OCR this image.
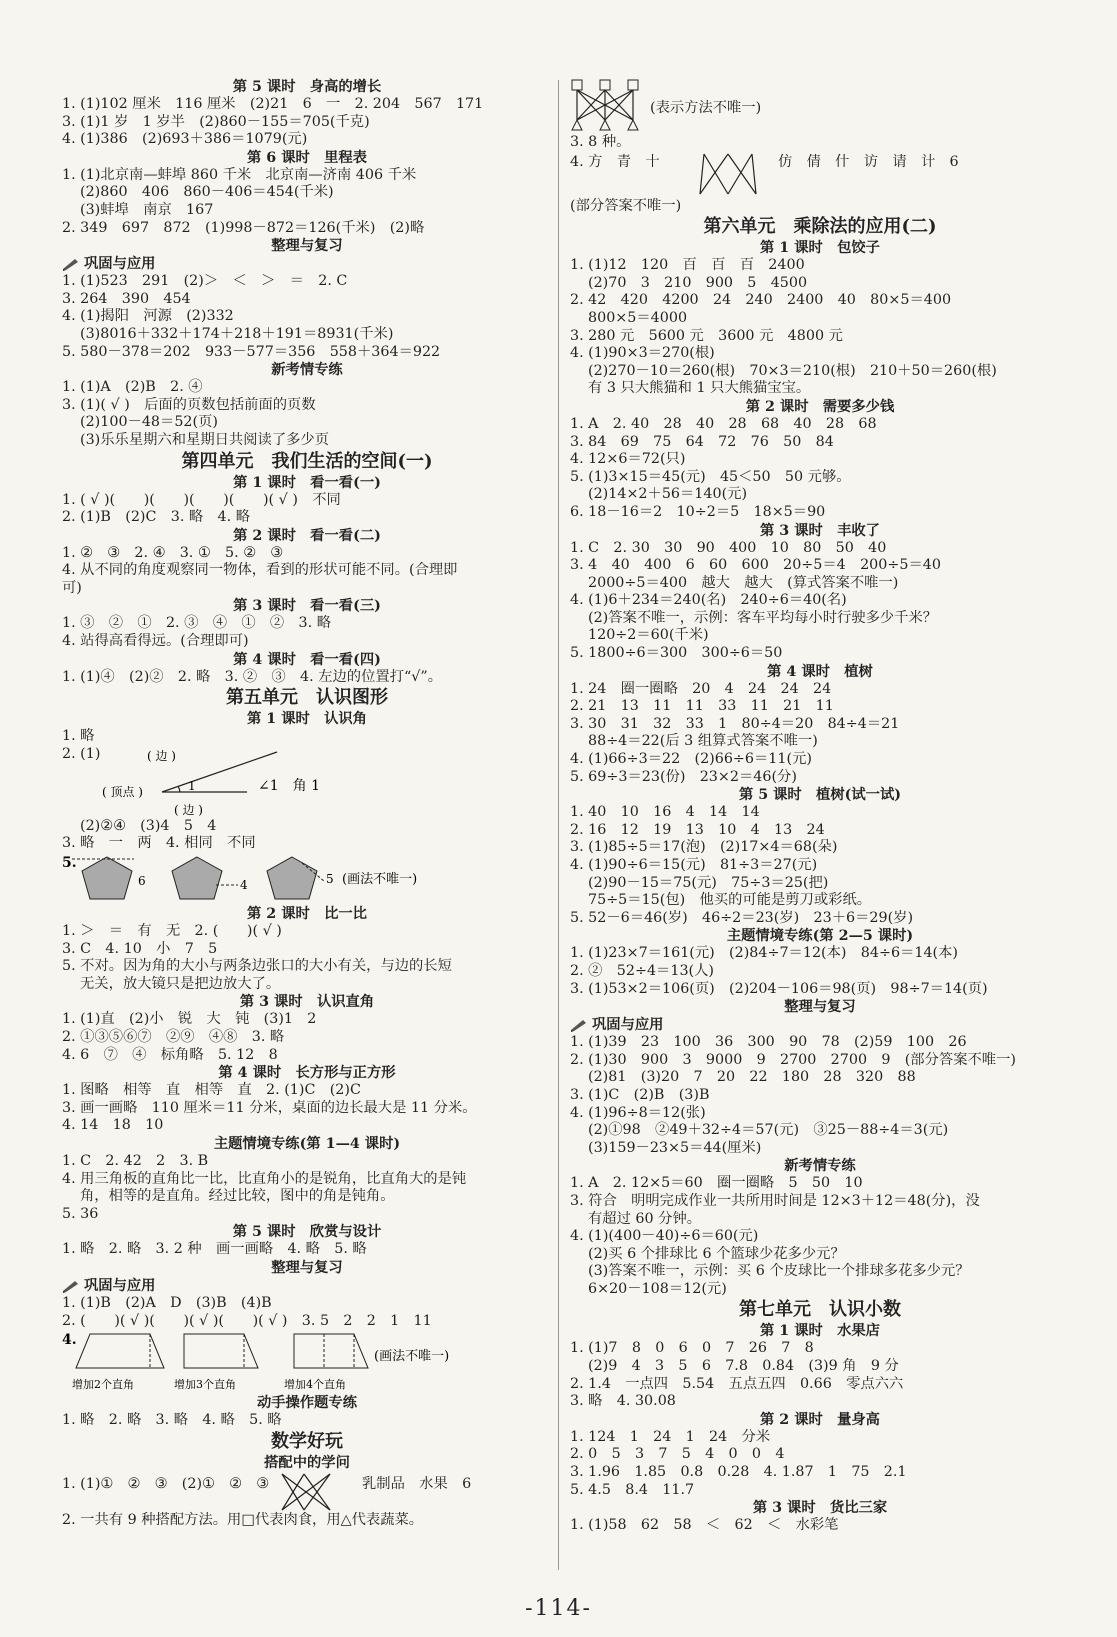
第 5 课时　身高的增长
1. (1)102 厘米　116 厘米　(2)21　6　一　2. 204　567　171
3. (1)1 岁　1 岁半　(2)860－155＝705(千克)
4. (1)386　(2)693＋386＝1079(元)
第 6 课时　里程表
1. (1)北京南—蚌埠 860 千米　北京南—济南 406 千米
(2)860　406　860－406＝454(千米)
(3)蚌埠　南京　167
2. 349　697　872　(1)998－872＝126(千米)　(2)略
整理与复习
巩固与应用
1. (1)523　291　(2)＞　＜　＞　＝　2. C
3. 264　390　454
4. (1)揭阳　河源　(2)332
(3)8016＋332＋174＋218＋191＝8931(千米)
5. 580－378＝202　933－577＝356　558＋364＝922
新考情专练
1. (1)A　(2)B　2. ④
3. (1)( √ )　后面的页数包括前面的页数
(2)100－48＝52(页)
(3)乐乐星期六和星期日共阅读了多少页
第四单元　我们生活的空间(一)
第 1 课时　看一看(一)
1. ( √ )(　　)(　　)(　　)(　　)( √ )　不同
2. (1)B　(2)C　3. 略　4. 略
第 2 课时　看一看(二)
1. ②　③　2. ④　3. ①　5. ②　③
4. 从不同的角度观察同一物体，看到的形状可能不同。(合理即
可)
第 3 课时　看一看(三)
1. ③　②　①　2. ③　④　①　②　3. 略
4. 站得高看得远。(合理即可)
第 4 课时　看一看(四)
1. (1)④　(2)②　2. 略　3. ②　③　4. 左边的位置打“√”。
第五单元　认识图形
第 1 课时　认识角
1. 略
2. (1)	( 边 )
( 顶点 )	1	∠1　角 1
( 边 )
(2)②④　(3)4　5　4
3. 略　一　两　4. 相同　不同
5.
6	4	5 (画法不唯一)
第 2 课时　比一比
1. ＞　＝　有　无　2. (　　)( √ )
3. C　4. 10　小　7　5
5. 不对。因为角的大小与两条边张口的大小有关，与边的长短
无关，放大镜只是把边放大了。
第 3 课时　认识直角
1. (1)直　(2)小　锐　大　钝　(3)1　2
2. ①③⑤⑥⑦　②⑨　④⑧　3. 略
4. 6　⑦　④　标角略　5. 12　8
第 4 课时　长方形与正方形
1. 图略　相等　直　相等　直　2. (1)C　(2)C
3. 画一画略　110 厘米＝11 分米，桌面的边长最大是 11 分米。
4. 14　18　10
主题情境专练(第 1—4 课时)
1. C　2. 42　2　3. B
4. 用三角板的直角比一比，比直角小的是锐角，比直角大的是钝
角，相等的是直角。经过比较，图中的角是钝角。
5. 36
第 5 课时　欣赏与设计
1. 略　2. 略　3. 2 种　画一画略　4. 略　5. 略
整理与复习
巩固与应用
1. (1)B　(2)A　D　(3)B　(4)B
2. (　　)( √ )(　　)( √ )(　　)( √ )　3. 5　2　2　1　11
4.
增加2个直角	增加3个直角	增加4个直角
(画法不唯一)
动手操作题专练
1. 略　2. 略　3. 略　4. 略　5. 略
数学好玩
搭配中的学问
1. (1)①　②　③　(2)①　②　③	乳制品　水果　6
2. 一共有 9 种搭配方法。用□代表肉食，用△代表蔬菜。
(表示方法不唯一)
3. 8 种。
4. 方　青　十	仿　倩　什　访　请　计　6
(部分答案不唯一)
第六单元　乘除法的应用(二)
第 1 课时　包饺子
1. (1)12　120　百　百　百　2400
(2)70　3　210　900　5　4500
2. 42　420　4200　24　240　2400　40　80×5＝400
800×5＝4000
3. 280 元　5600 元　3600 元　4800 元
4. (1)90×3＝270(根)
(2)270－10＝260(根)　70×3＝210(根)　210＋50＝260(根)
有 3 只大熊猫和 1 只大熊猫宝宝。
第 2 课时　需要多少钱
1. A　2. 40　28　40　28　68　40　28　68
3. 84　69　75　64　72　76　50　84
4. 12×6＝72(只)
5. (1)3×15＝45(元)　45＜50　50 元够。
(2)14×2＋56＝140(元)
6. 18－16＝2　10÷2＝5　18×5＝90
第 3 课时　丰收了
1. C　2. 30　30　90　400　10　80　50　40
3. 4　40　400　6　60　600　20÷5＝4　200÷5＝40
2000÷5＝400　越大　越大　(算式答案不唯一)
4. (1)6＋234＝240(名)　240÷6＝40(名)
(2)答案不唯一，示例：客车平均每小时行驶多少千米？
120÷2＝60(千米)
5. 1800÷6＝300　300÷6＝50
第 4 课时　植树
1. 24　圈一圈略　20　4　24　24　24
2. 21　13　11　11　33　11　21　11
3. 30　31　32　33　1　80÷4＝20　84÷4＝21
88÷4＝22(后 3 组算式答案不唯一)
4. (1)66÷3＝22　(2)66÷6＝11(元)
5. 69÷3＝23(份)　23×2＝46(分)
第 5 课时　植树(试一试)
1. 40　10　16　4　14　14
2. 16　12　19　13　10　4　13　24
3. (1)85÷5＝17(泡)　(2)17×4＝68(朵)
4. (1)90÷6＝15(元)　81÷3＝27(元)
(2)90－15＝75(元)　75÷3＝25(把)
75÷5＝15(包)　他买的可能是剪刀或彩纸。
5. 52－6＝46(岁)　46÷2＝23(岁)　23＋6＝29(岁)
主题情境专练(第 2—5 课时)
1. (1)23×7＝161(元)　(2)84÷7＝12(本)　84÷6＝14(本)
2. ②　52÷4＝13(人)
3. (1)53×2＝106(页)　(2)204－106＝98(页)　98÷7＝14(页)
整理与复习
巩固与应用
1. (1)39　23　100　36　300　90　78　(2)59　100　26
2. (1)30　900　3　9000　9　2700　2700　9　(部分答案不唯一)
(2)81　(3)20　7　20　22　180　28　320　88
3. (1)C　(2)B　(3)B
4. (1)96÷8＝12(张)
(2)①98　②49＋32÷4＝57(元)　③25－88÷4＝3(元)
(3)159－23×5＝44(厘米)
新考情专练
1. A　2. 12×5＝60　圈一圈略　5　50　10
3. 符合　明明完成作业一共所用时间是 12×3＋12＝48(分)，没
有超过 60 分钟。
4. (1)(400－40)÷6＝60(元)
(2)买 6 个排球比 6 个篮球少花多少元？
(3)答案不唯一，示例：买 6 个皮球比一个排球多花多少元？
6×20－108＝12(元)
第七单元　认识小数
第 1 课时　水果店
1. (1)7　8　0　6　0　7　26　7　8
(2)9　4　3　5　6　7.8　0.84　(3)9 角　9 分
2. 1.4　一点四　5.54　五点五四　0.66　零点六六
3. 略　4. 30.08
第 2 课时　量身高
1. 124　1　24　1　24　分米
2. 0　5　3　7　5　4　0　0　4
3. 1.96　1.85　0.8　0.28　4. 1.87　1　75　2.1
5. 4.5　8.4　11.7
第 3 课时　货比三家
1. (1)58　62　58　＜　62　＜　水彩笔
-114-
